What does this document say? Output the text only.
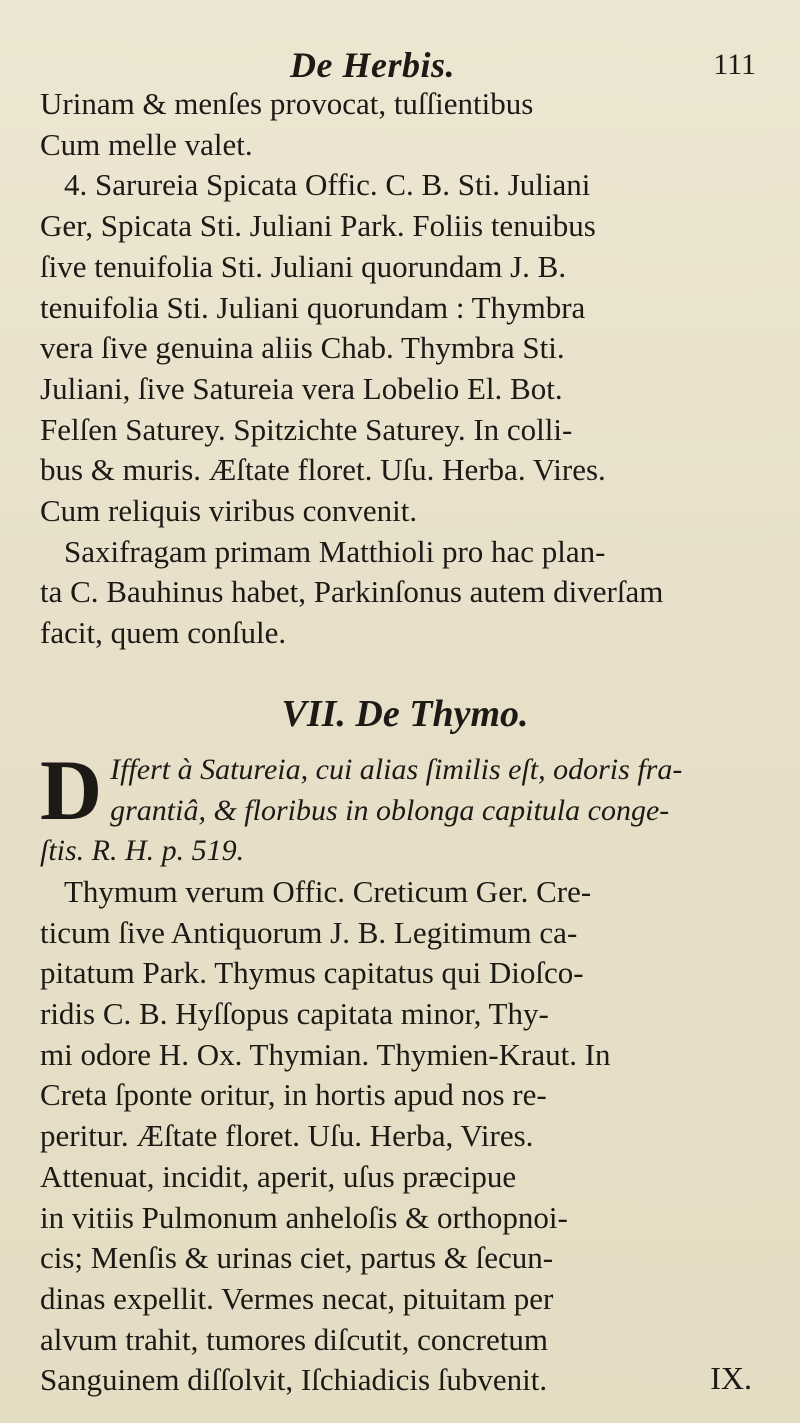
De Herbis.	111
Urinam & menſes provocat, tuſſientibus
Cum melle valet.
4. Sarureia Spicata Offic. C. B. Sti. Juliani
Ger, Spicata Sti. Juliani Park. Foliis tenuibus
ſive tenuifolia Sti. Juliani quorundam J. B.
tenuifolia Sti. Juliani quorundam : Thymbra
vera ſive genuina aliis Chab. Thymbra Sti.
Juliani, ſive Satureia vera Lobelio El. Bot.
Felſen Saturey. Spitzichte Saturey. In colli-
bus & muris. Æſtate floret. Uſu. Herba. Vires.
Cum reliquis viribus convenit.
Saxifragam primam Matthioli pro hac plan-
ta C. Bauhinus habet, Parkinſonus autem diverſam
facit, quem conſule.
VII. De Thymo.
D Iffert à Satureia, cui alias ſimilis eſt, odoris fra-
grantiâ, & floribus in oblonga capitula conge-
ſtis. R. H. p. 519.
Thymum verum Offic. Creticum Ger. Cre-
ticum ſive Antiquorum J. B. Legitimum ca-
pitatum Park. Thymus capitatus qui Dioſco-
ridis C. B. Hyſſopus capitata minor, Thy-
mi odore H. Ox. Thymian. Thymien-Kraut. In
Creta ſponte oritur, in hortis apud nos re-
peritur. Æſtate floret. Uſu. Herba, Vires.
Attenuat, incidit, aperit, uſus præcipue
in vitiis Pulmonum anheloſis & orthopnoi-
cis; Menſis & urinas ciet, partus & ſecun-
dinas expellit. Vermes necat, pituitam per
alvum trahit, tumores diſcutit, concretum
Sanguinem diſſolvit, Iſchiadicis ſubvenit.	IX.
